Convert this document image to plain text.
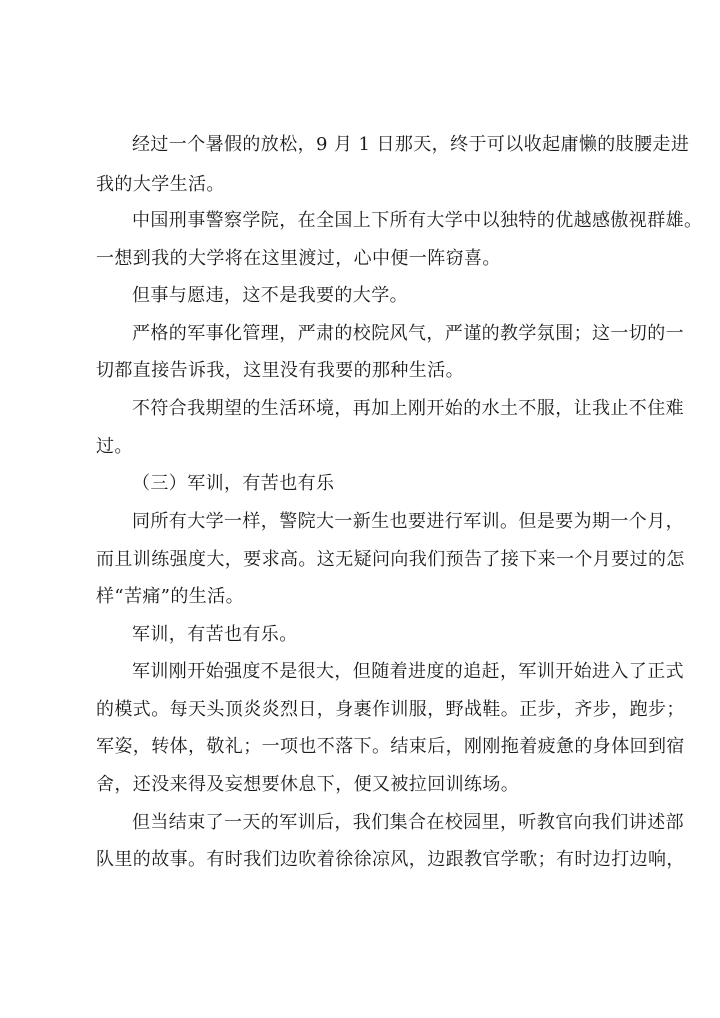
经过一个暑假的放松，9 月 1 日那天，终于可以收起庸懒的肢腰走进
我的大学生活。
中国刑事警察学院，在全国上下所有大学中以独特的优越感傲视群雄。
一想到我的大学将在这里渡过，心中便一阵窃喜。
但事与愿违，这不是我要的大学。
严格的军事化管理，严肃的校院风气，严谨的教学氛围；这一切的一
切都直接告诉我，这里没有我要的那种生活。
不符合我期望的生活环境，再加上刚开始的水土不服，让我止不住难
过。
（三）军训，有苦也有乐
同所有大学一样，警院大一新生也要进行军训。但是要为期一个月，
而且训练强度大，要求高。这无疑问向我们预告了接下来一个月要过的怎
样“苦痛”的生活。
军训，有苦也有乐。
军训刚开始强度不是很大，但随着进度的追赶，军训开始进入了正式
的模式。每天头顶炎炎烈日，身裹作训服，野战鞋。正步，齐步，跑步；
军姿，转体，敬礼；一项也不落下。结束后，刚刚拖着疲惫的身体回到宿
舍，还没来得及妄想要休息下，便又被拉回训练场。
但当结束了一天的军训后，我们集合在校园里，听教官向我们讲述部
队里的故事。有时我们边吹着徐徐凉风，边跟教官学歌；有时边打边响，
